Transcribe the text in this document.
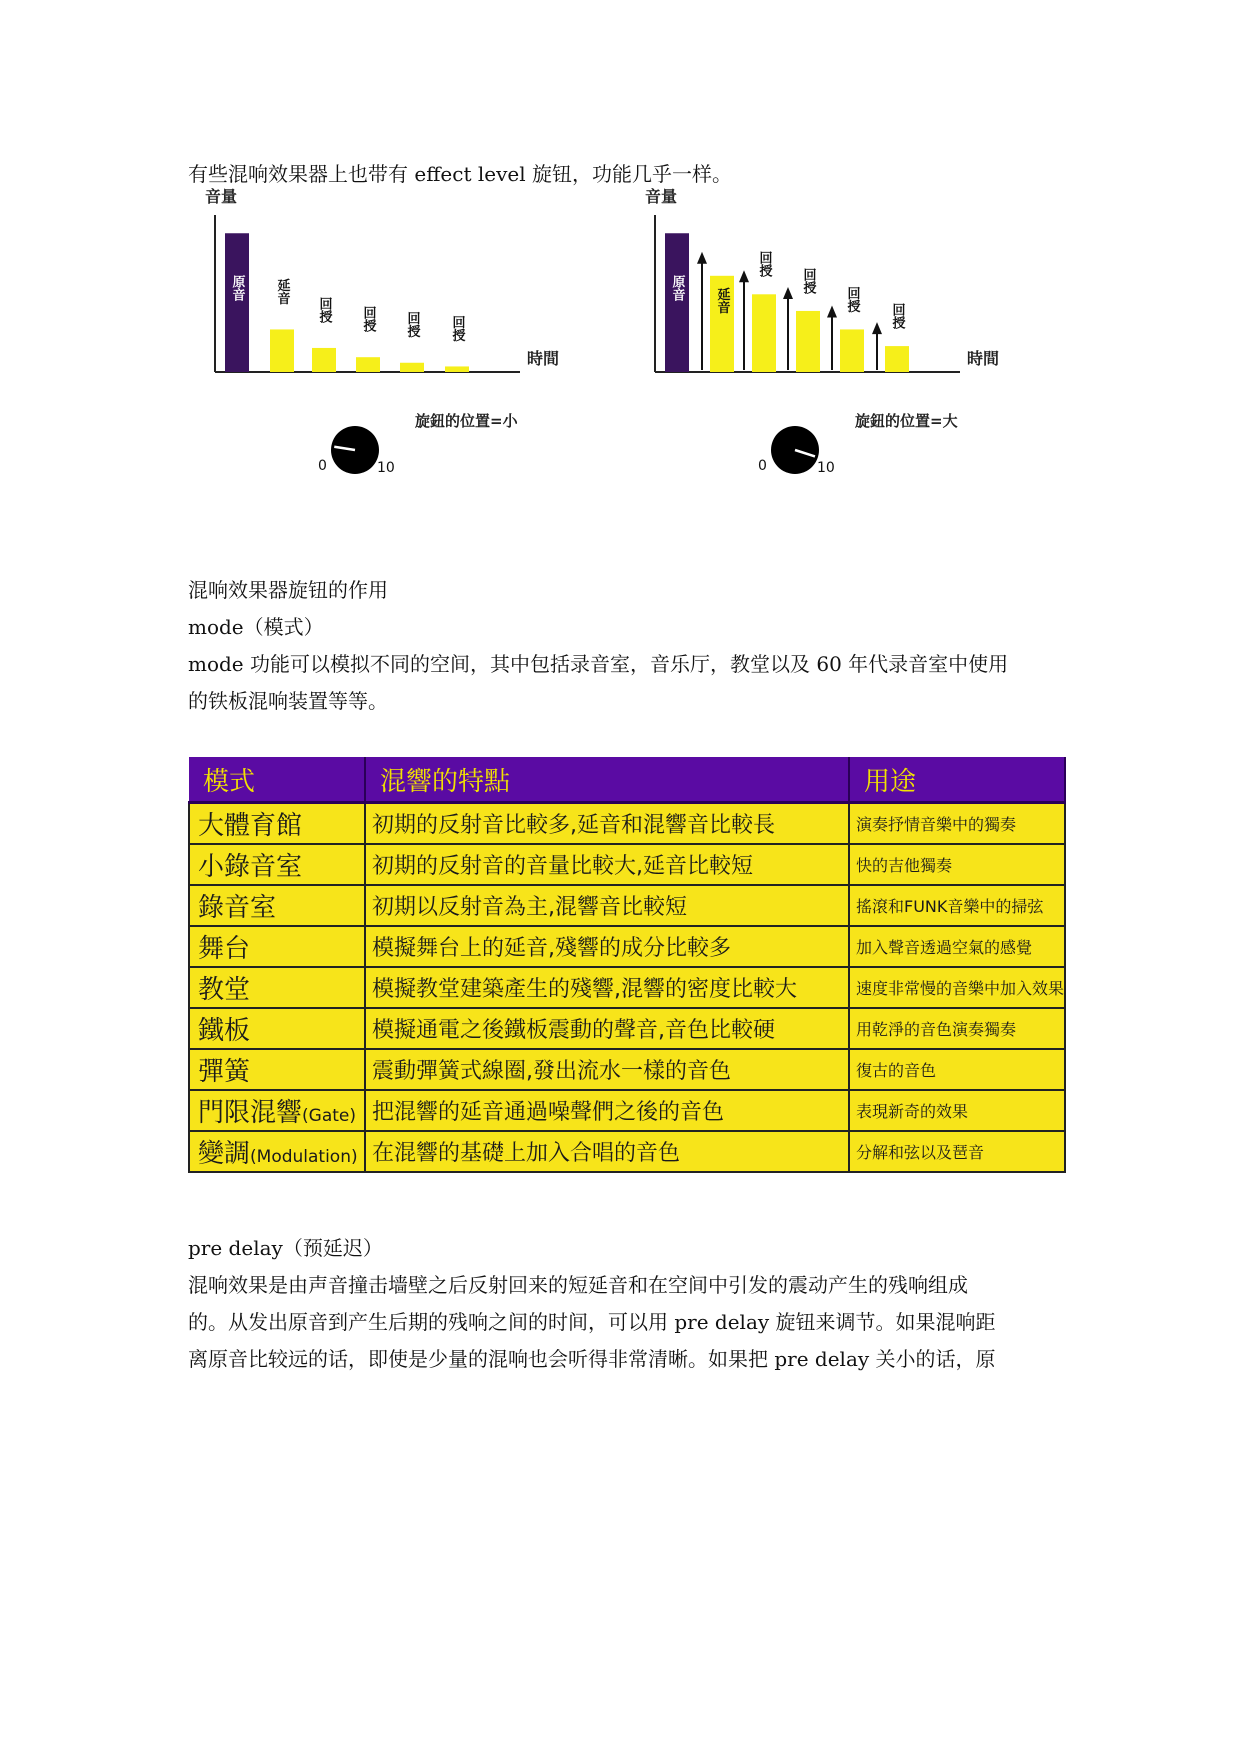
有些混响效果器上也带有 effect level 旋钮，功能几乎一样。

音量
時間
原音 延音
回授 回授 回授 回授
0	10
旋鈕的位置=小
音量
時間
原音 延音
回授
回授
回授
回授
0	10
旋鈕的位置=大
混响效果器旋钮的作用
mode（模式）
mode 功能可以模拟不同的空间，其中包括录音室，音乐厅，教堂以及 60 年代录音室中使用
的铁板混响装置等等。
模式	混響的特點	用途
大體育館	初期的反射音比較多,延音和混響音比較長	演奏抒情音樂中的獨奏
小錄音室	初期的反射音的音量比較大,延音比較短	快的吉他獨奏
錄音室	初期以反射音為主,混響音比較短	搖滾和FUNK音樂中的掃弦
舞台	模擬舞台上的延音,殘響的成分比較多	加入聲音透過空氣的感覺
教堂	模擬教堂建築產生的殘響,混響的密度比較大	速度非常慢的音樂中加入效果
鐵板	模擬通電之後鐵板震動的聲音,音色比較硬	用乾淨的音色演奏獨奏
彈簧	震動彈簧式線圈,發出流水一樣的音色	復古的音色
門限混響(Gate)	把混響的延音通過噪聲們之後的音色	表現新奇的效果
變調(Modulation)	在混響的基礎上加入合唱的音色	分解和弦以及琶音
pre delay（预延迟）
混响效果是由声音撞击墙壁之后反射回来的短延音和在空间中引发的震动产生的残响组成
的。从发出原音到产生后期的残响之间的时间，可以用 pre delay 旋钮来调节。如果混响距
离原音比较远的话，即使是少量的混响也会听得非常清晰。如果把 pre delay 关小的话，原
